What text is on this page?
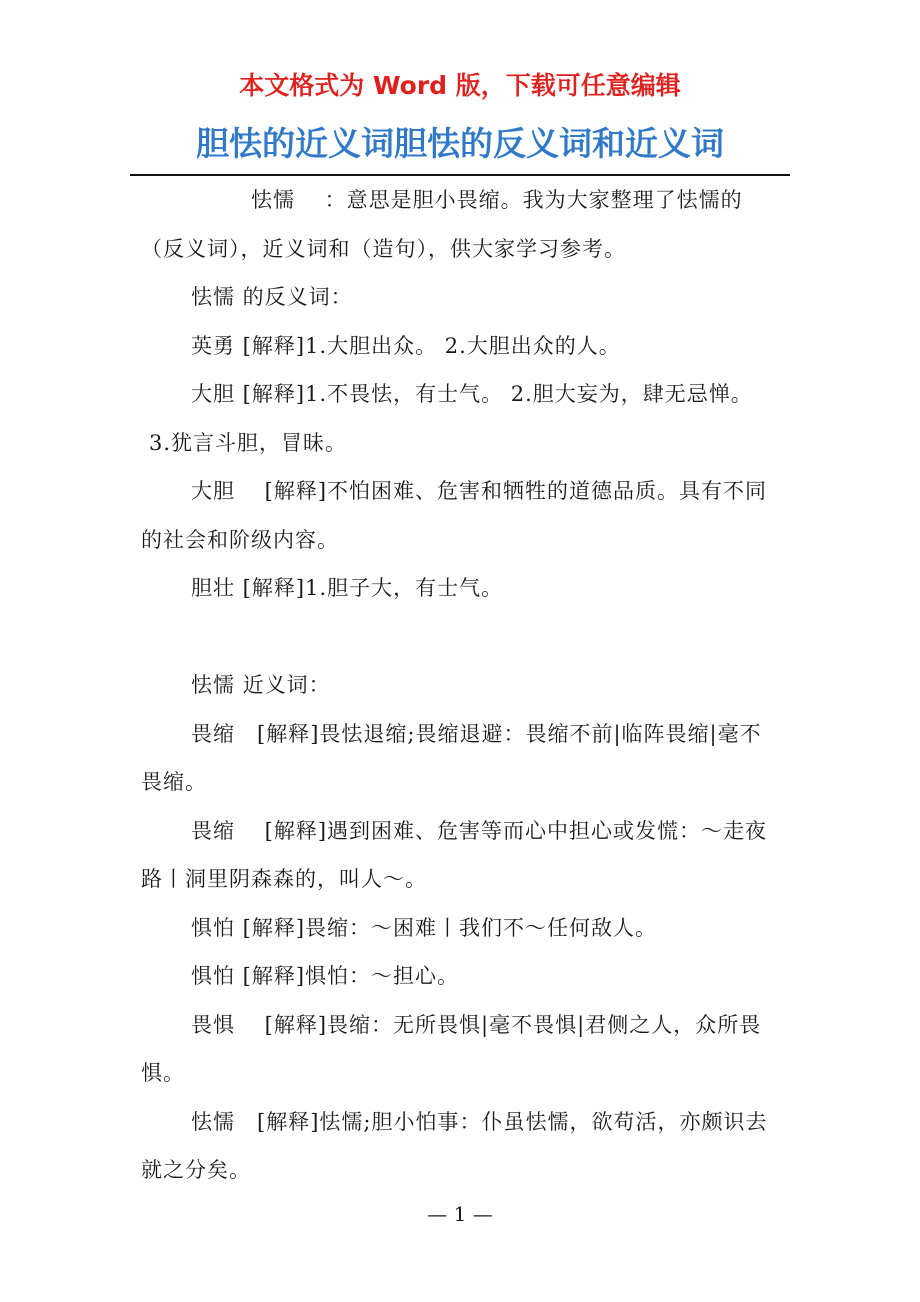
本文格式为 Word 版，下载可任意编辑
胆怯的近义词胆怯的反义词和近义词

怯懦　 ：意思是胆小畏缩。我为大家整理了怯懦的（反义词），近义词和（造句），供大家学习参考。

怯懦 的反义词：

英勇 [解释]1.大胆出众。 2.大胆出众的人。

大胆 [解释]1.不畏怯，有士气。 2.胆大妄为，肆无忌惮。

3.犹言斗胆，冒昧。

大胆　 [解释]不怕困难、危害和牺牲的道德品质。具有不同的社会和阶级内容。

胆壮 [解释]1.胆子大，有士气。

怯懦 近义词：

畏缩　[解释]畏怯退缩;畏缩退避：畏缩不前|临阵畏缩|毫不畏缩。

畏缩　 [解释]遇到困难、危害等而心中担心或发慌：～走夜路丨洞里阴森森的，叫人～。

惧怕 [解释]畏缩：～困难丨我们不～任何敌人。

惧怕 [解释]惧怕：～担心。

畏惧　 [解释]畏缩：无所畏惧|毫不畏惧|君侧之人，众所畏惧。

怯懦　[解释]怯懦;胆小怕事：仆虽怯懦，欲苟活，亦颇识去就之分矣。

— 1 —
